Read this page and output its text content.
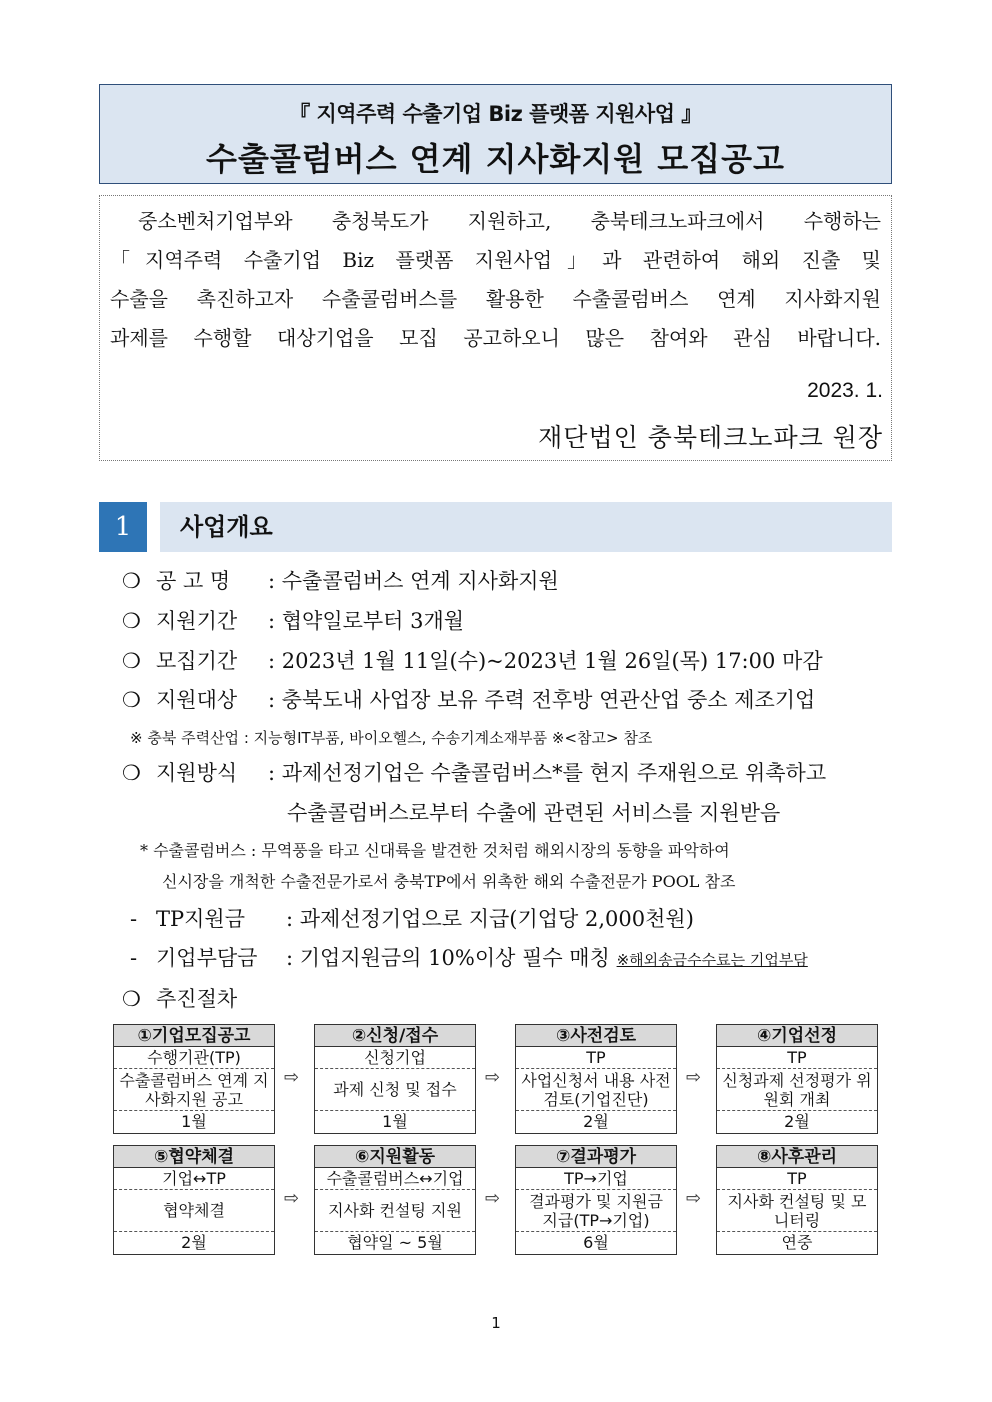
『 지역주력 수출기업 Biz 플랫폼 지원사업 』
수출콜럼버스 연계 지사화지원 모집공고

중소벤처기업부와 충청북도가 지원하고, 충북테크노파크에서 수행하는

「지역주력 수출기업 Biz 플랫폼 지원사업」과 관련하여 해외 진출 및

수출을 촉진하고자 수출콜럼버스를 활용한 수출콜럼버스 연계 지사화지원

과제를 수행할 대상기업을 모집 공고하오니 많은 참여와 관심 바랍니다.

2023. 1.
재단법인 충북테크노파크 원장
1	사업개요
❍ 공 고 명 : 수출콜럼버스 연계 지사화지원
❍ 지원기간 : 협약일로부터 3개월
❍ 모집기간 : 2023년 1월 11일(수)~2023년 1월 26일(목) 17:00 마감
❍ 지원대상 : 충북도내 사업장 보유 주력 전후방 연관산업 중소 제조기업
※ 충북 주력산업 : 지능형IT부품, 바이오헬스, 수송기계소재부품 ※<참고> 참조
❍ 지원방식 : 과제선정기업은 수출콜럼버스*를 현지 주재원으로 위촉하고
수출콜럼버스로부터 수출에 관련된 서비스를 지원받음
* 수출콜럼버스 : 무역풍을 타고 신대륙을 발견한 것처럼 해외시장의 동향을 파악하여
신시장을 개척한 수출전문가로서 충북TP에서 위촉한 해외 수출전문가 POOL 참조
- TP지원금 : 과제선정기업으로 지급(기업당 2,000천원)
- 기업부담금 : 기업지원금의 10%이상 필수 매칭 ※해외송금수수료는 기업부담
❍ 추진절차
①기업모집공고
수행기관(TP)
수출콜럼버스 연계 지사화지원 공고
1월
⇨
②신청/접수
신청기업
과제 신청 및 접수
1월
⇨
③사전검토
TP
사업신청서 내용 사전검토(기업진단)
2월
⇨
④기업선정
TP
신청과제 선정평가 위원회 개최
2월
⑤협약체결
기업↔TP
협약체결
2월
⇨
⑥지원활동
수출콜럼버스↔기업
지사화 컨설팅 지원
협약일 ~ 5월
⇨
⑦결과평가
TP→기업
결과평가 및 지원금 지급(TP→기업)
6월
⇨
⑧사후관리
TP
지사화 컨설팅 및 모니터링
연중
1
